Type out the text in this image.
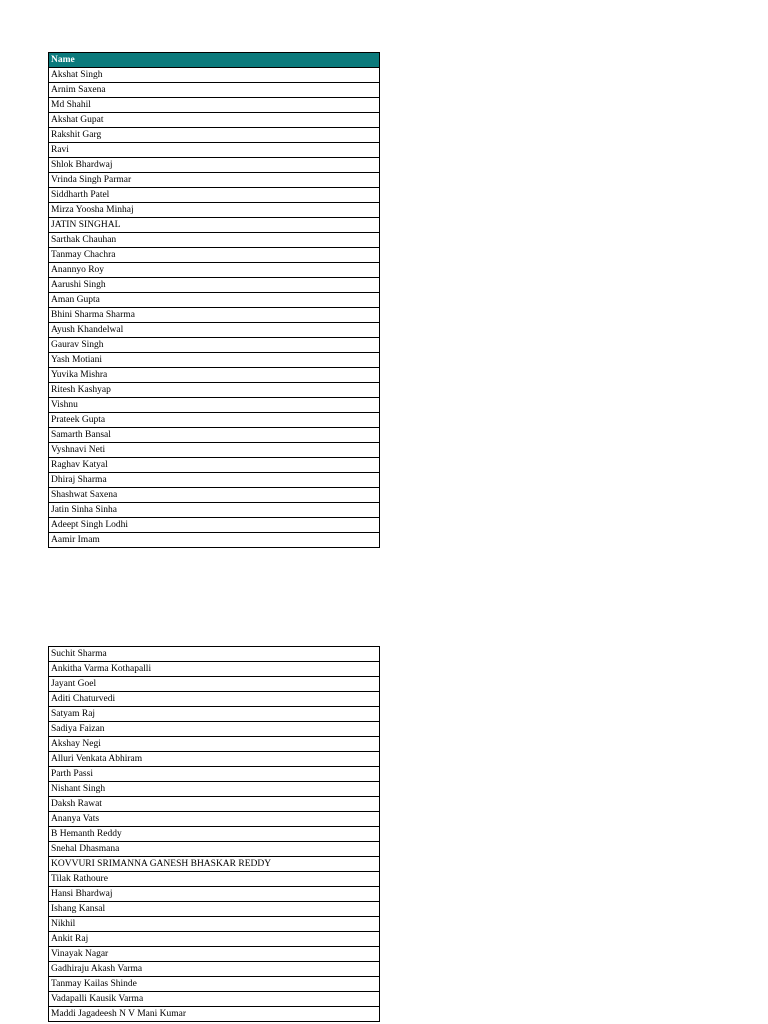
Name
Akshat Singh
Arnim Saxena
Md Shahil
Akshat Gupat
Rakshit Garg
Ravi
Shlok Bhardwaj
Vrinda Singh Parmar
Siddharth Patel
Mirza Yoosha Minhaj
JATIN SINGHAL
Sarthak Chauhan
Tanmay Chachra
Anannyo Roy
Aarushi Singh
Aman Gupta
Bhini Sharma Sharma
Ayush Khandelwal
Gaurav Singh
Yash Motiani
Yuvika Mishra
Ritesh Kashyap
Vishnu
Prateek Gupta
Samarth Bansal
Vyshnavi Neti
Raghav Katyal
Dhiraj Sharma
Shashwat Saxena
Jatin Sinha Sinha
Adeept Singh Lodhi
Aamir Imam
Suchit Sharma
Ankitha Varma Kothapalli
Jayant Goel
Aditi Chaturvedi
Satyam Raj
Sadiya Faizan
Akshay Negi
Alluri Venkata Abhiram
Parth Passi
Nishant Singh
Daksh Rawat
Ananya Vats
B Hemanth Reddy
Snehal Dhasmana
KOVVURI SRIMANNA GANESH BHASKAR REDDY
Tilak Rathoure
Hansi Bhardwaj
Ishang Kansal
Nikhil
Ankit Raj
Vinayak Nagar
Gadhiraju Akash Varma
Tanmay Kailas Shinde
Vadapalli Kausik Varma
Maddi Jagadeesh N V Mani Kumar
